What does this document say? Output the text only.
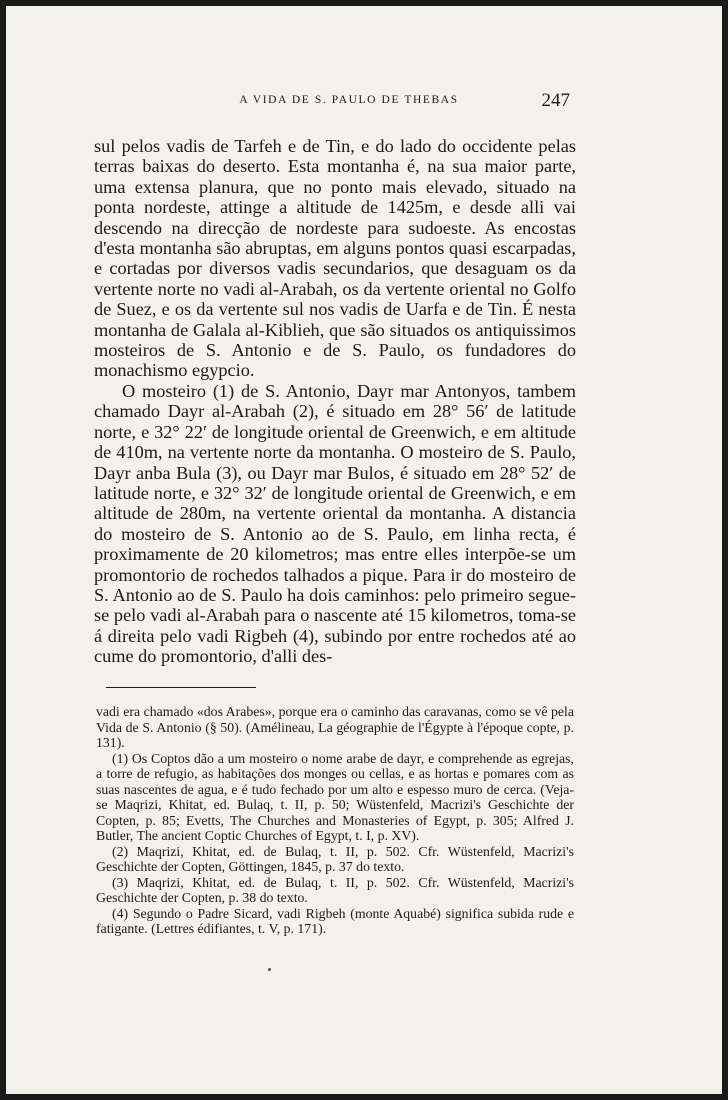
A VIDA DE S. PAULO DE THEBAS	247

sul pelos vadis de Tarfeh e de Tin, e do lado do occidente pelas terras baixas do deserto. Esta montanha é, na sua maior parte, uma extensa planura, que no ponto mais elevado, situado na ponta nordeste, attinge a altitude de 1425m, e desde alli vai descendo na direcção de nordeste para sudoeste. As encostas d'esta montanha são abruptas, em alguns pontos quasi escarpadas, e cortadas por diversos vadis secundarios, que desaguam os da vertente norte no vadi al-Arabah, os da vertente oriental no Golfo de Suez, e os da vertente sul nos vadis de Uarfa e de Tin. É nesta montanha de Galala al-Kiblieh, que são situados os antiquissimos mosteiros de S. Antonio e de S. Paulo, os fundadores do monachismo egypcio.

O mosteiro (1) de S. Antonio, Dayr mar Antonyos, tambem chamado Dayr al-Arabah (2), é situado em 28° 56′ de latitude norte, e 32° 22′ de longitude oriental de Greenwich, e em altitude de 410m, na vertente norte da montanha. O mosteiro de S. Paulo, Dayr anba Bula (3), ou Dayr mar Bulos, é situado em 28° 52′ de latitude norte, e 32° 32′ de longitude oriental de Greenwich, e em altitude de 280m, na vertente oriental da montanha. A distancia do mosteiro de S. Antonio ao de S. Paulo, em linha recta, é proximamente de 20 kilometros; mas entre elles interpõe-se um promontorio de rochedos talhados a pique. Para ir do mosteiro de S. Antonio ao de S. Paulo ha dois caminhos: pelo primeiro segue-se pelo vadi al-Arabah para o nascente até 15 kilometros, toma-se á direita pelo vadi Rigbeh (4), subindo por entre rochedos até ao cume do promontorio, d'alli des-

vadi era chamado «dos Arabes», porque era o caminho das caravanas, como se vê pela Vida de S. Antonio (§ 50). (Amélineau, La géographie de l'Égypte à l'époque copte, p. 131).

(1) Os Coptos dão a um mosteiro o nome arabe de dayr, e comprehende as egrejas, a torre de refugio, as habitações dos monges ou cellas, e as hortas e pomares com as suas nascentes de agua, e é tudo fechado por um alto e espesso muro de cerca. (Veja-se Maqrizi, Khitat, ed. Bulaq, t. II, p. 50; Wüstenfeld, Macrizi's Geschichte der Copten, p. 85; Evetts, The Churches and Monasteries of Egypt, p. 305; Alfred J. Butler, The ancient Coptic Churches of Egypt, t. I, p. XV).

(2) Maqrizi, Khitat, ed. de Bulaq, t. II, p. 502. Cfr. Wüstenfeld, Macrizi's Geschichte der Copten, Göttingen, 1845, p. 37 do texto.

(3) Maqrizi, Khitat, ed. de Bulaq, t. II, p. 502. Cfr. Wüstenfeld, Macrizi's Geschichte der Copten, p. 38 do texto.

(4) Segundo o Padre Sicard, vadi Rigbeh (monte Aquabé) significa subida rude e fatigante. (Lettres édifiantes, t. V, p. 171).
